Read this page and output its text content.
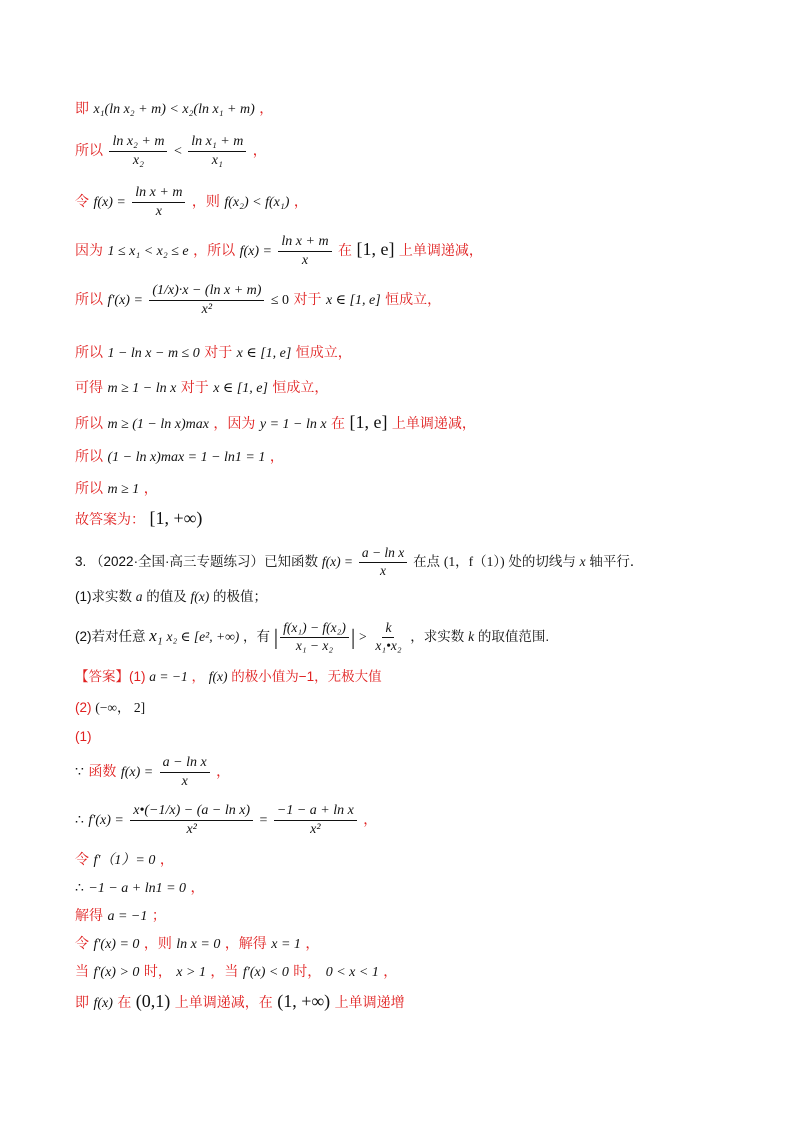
即 x₁(ln x₂ + m) < x₂(ln x₁ + m) ，
所以 $\frac{\text{ln x₂ + m}}{\text{x₂}} < \frac{\text{ln x₁ + m}}{\text{x₁}}$ ，
令 $f(x) = \frac{\text{ln x + m}}{x}$ ，则 f(x₂) < f(x₁) ，
因为 1 ≤ x₁ < x₂ ≤ e ，所以 $f(x) = \frac{\text{ln x + m}}{x}$ 在 [1, e] 上单调递减，
所以 $f'(x) = \frac{\text{(1/x)·x − (ln x + m)}}{\text{x²}} \le 0$ 对于 x ∈ [1, e] 恒成立，
所以 1 − ln x − m ≤ 0 对于 x ∈ [1, e] 恒成立，
可得 m ≥ 1 − ln x 对于 x ∈ [1, e] 恒成立，
所以 m ≥ (1 − ln x)max ，因为 y = 1 − ln x 在 [1, e] 上单调递减，
所以 (1 − ln x)max = 1 − ln1 = 1 ，
所以 m ≥ 1 ，
故答案为： [1, +∞)
3. （2022·全国·高三专题练习）已知函数 $f(x) = \frac{\text{a − ln x}}{x}$ 在点 (1，f（1）) 处的切线与 x 轴平行．
(1)求实数 a 的值及 f(x) 的极值；
(2)若对任意 x₁ x₂ ∈ [e², +∞) ，有 | $\frac{\text{f(x₁) − f(x₂)}}{\text{x₁ − x₂}}$ | > $\frac{k}{\text{x₁•x₂}}$ ，求实数 k 的取值范围.
【答案】(1) a = −1 ， f(x) 的极小值为−1，无极大值
(2) (−∞， 2]
(1)
∵ 函数 $f(x) = \frac{\text{a − ln x}}{x}$ ，
∴ $f'(x) = \frac{\text{x•(−1/x) − (a − ln x)}}{\text{x²}} = \frac{\text{−1 − a + ln x}}{\text{x²}}$ ，
令 f′（1）= 0 ，
∴ −1 − a + ln1 = 0 ，
解得 a = −1 ；
令 f′(x) = 0 ，则 ln x = 0 ，解得 x = 1 ，
当 f′(x) > 0 时， x > 1 ，当 f′(x) < 0 时， 0 < x < 1 ，
即 f(x) 在 (0,1) 上单调递减，在 (1, +∞) 上单调递增
